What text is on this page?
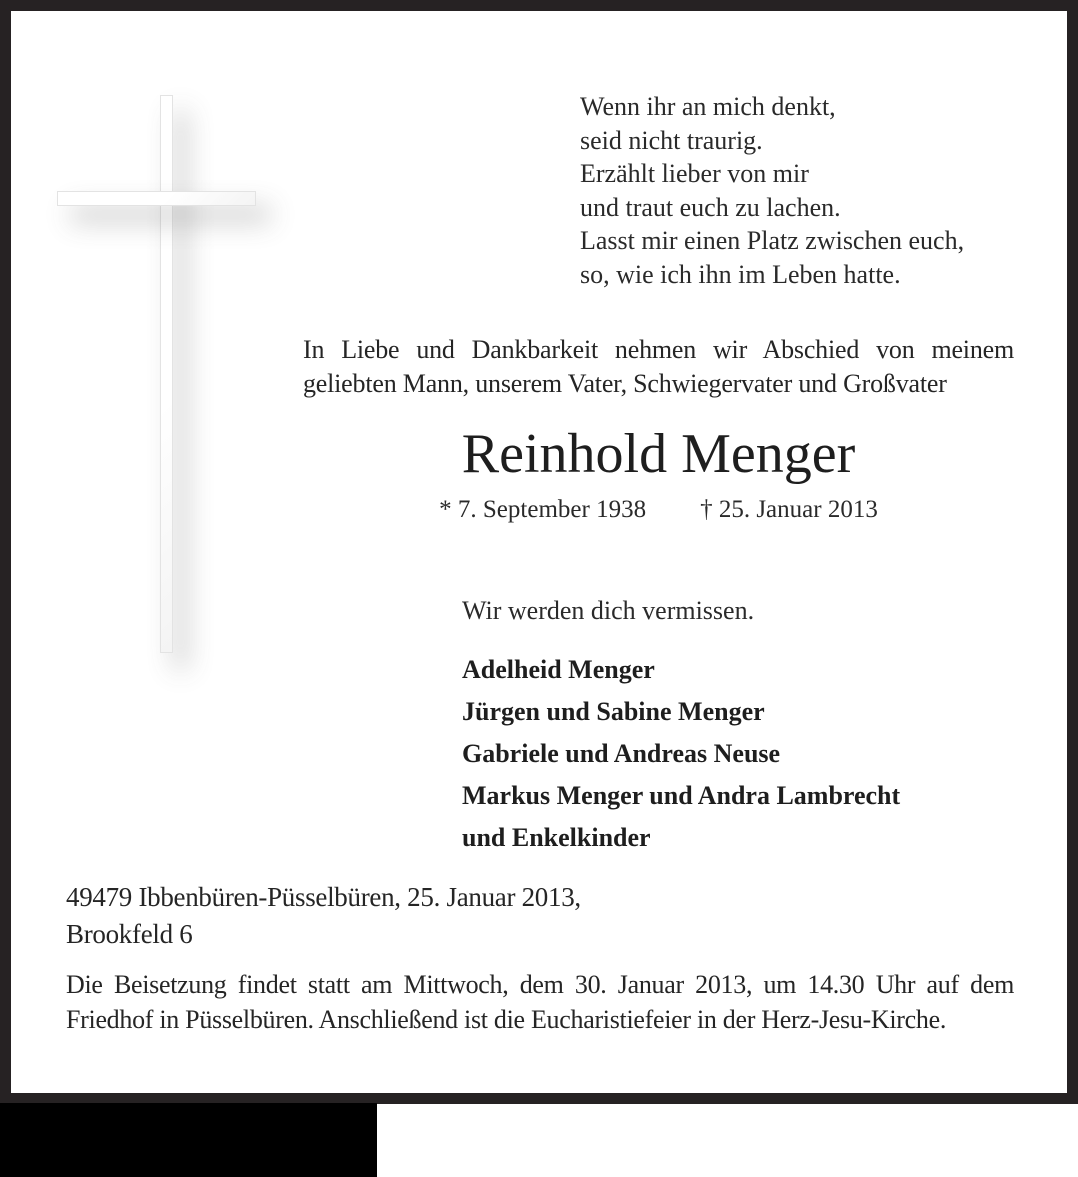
Wenn ihr an mich denkt,
seid nicht traurig.
Erzählt lieber von mir
und traut euch zu lachen.
Lasst mir einen Platz zwischen euch,
so, wie ich ihn im Leben hatte.
In Liebe und Dankbarkeit nehmen wir Abschied von meinem geliebten Mann, unserem Vater, Schwiegervater und Großvater
Reinhold Menger
* 7. September 1938 † 25. Januar 2013
Wir werden dich vermissen.
Adelheid Menger
Jürgen und Sabine Menger
Gabriele und Andreas Neuse
Markus Menger und Andra Lambrecht
und Enkelkinder
49479 Ibbenbüren-Püsselbüren, 25. Januar 2013,
Brookfeld 6
Die Beisetzung findet statt am Mittwoch, dem 30. Januar 2013, um 14.30 Uhr auf dem Friedhof in Püsselbüren. Anschließend ist die Eucharistiefeier in der Herz-Jesu-Kirche.
